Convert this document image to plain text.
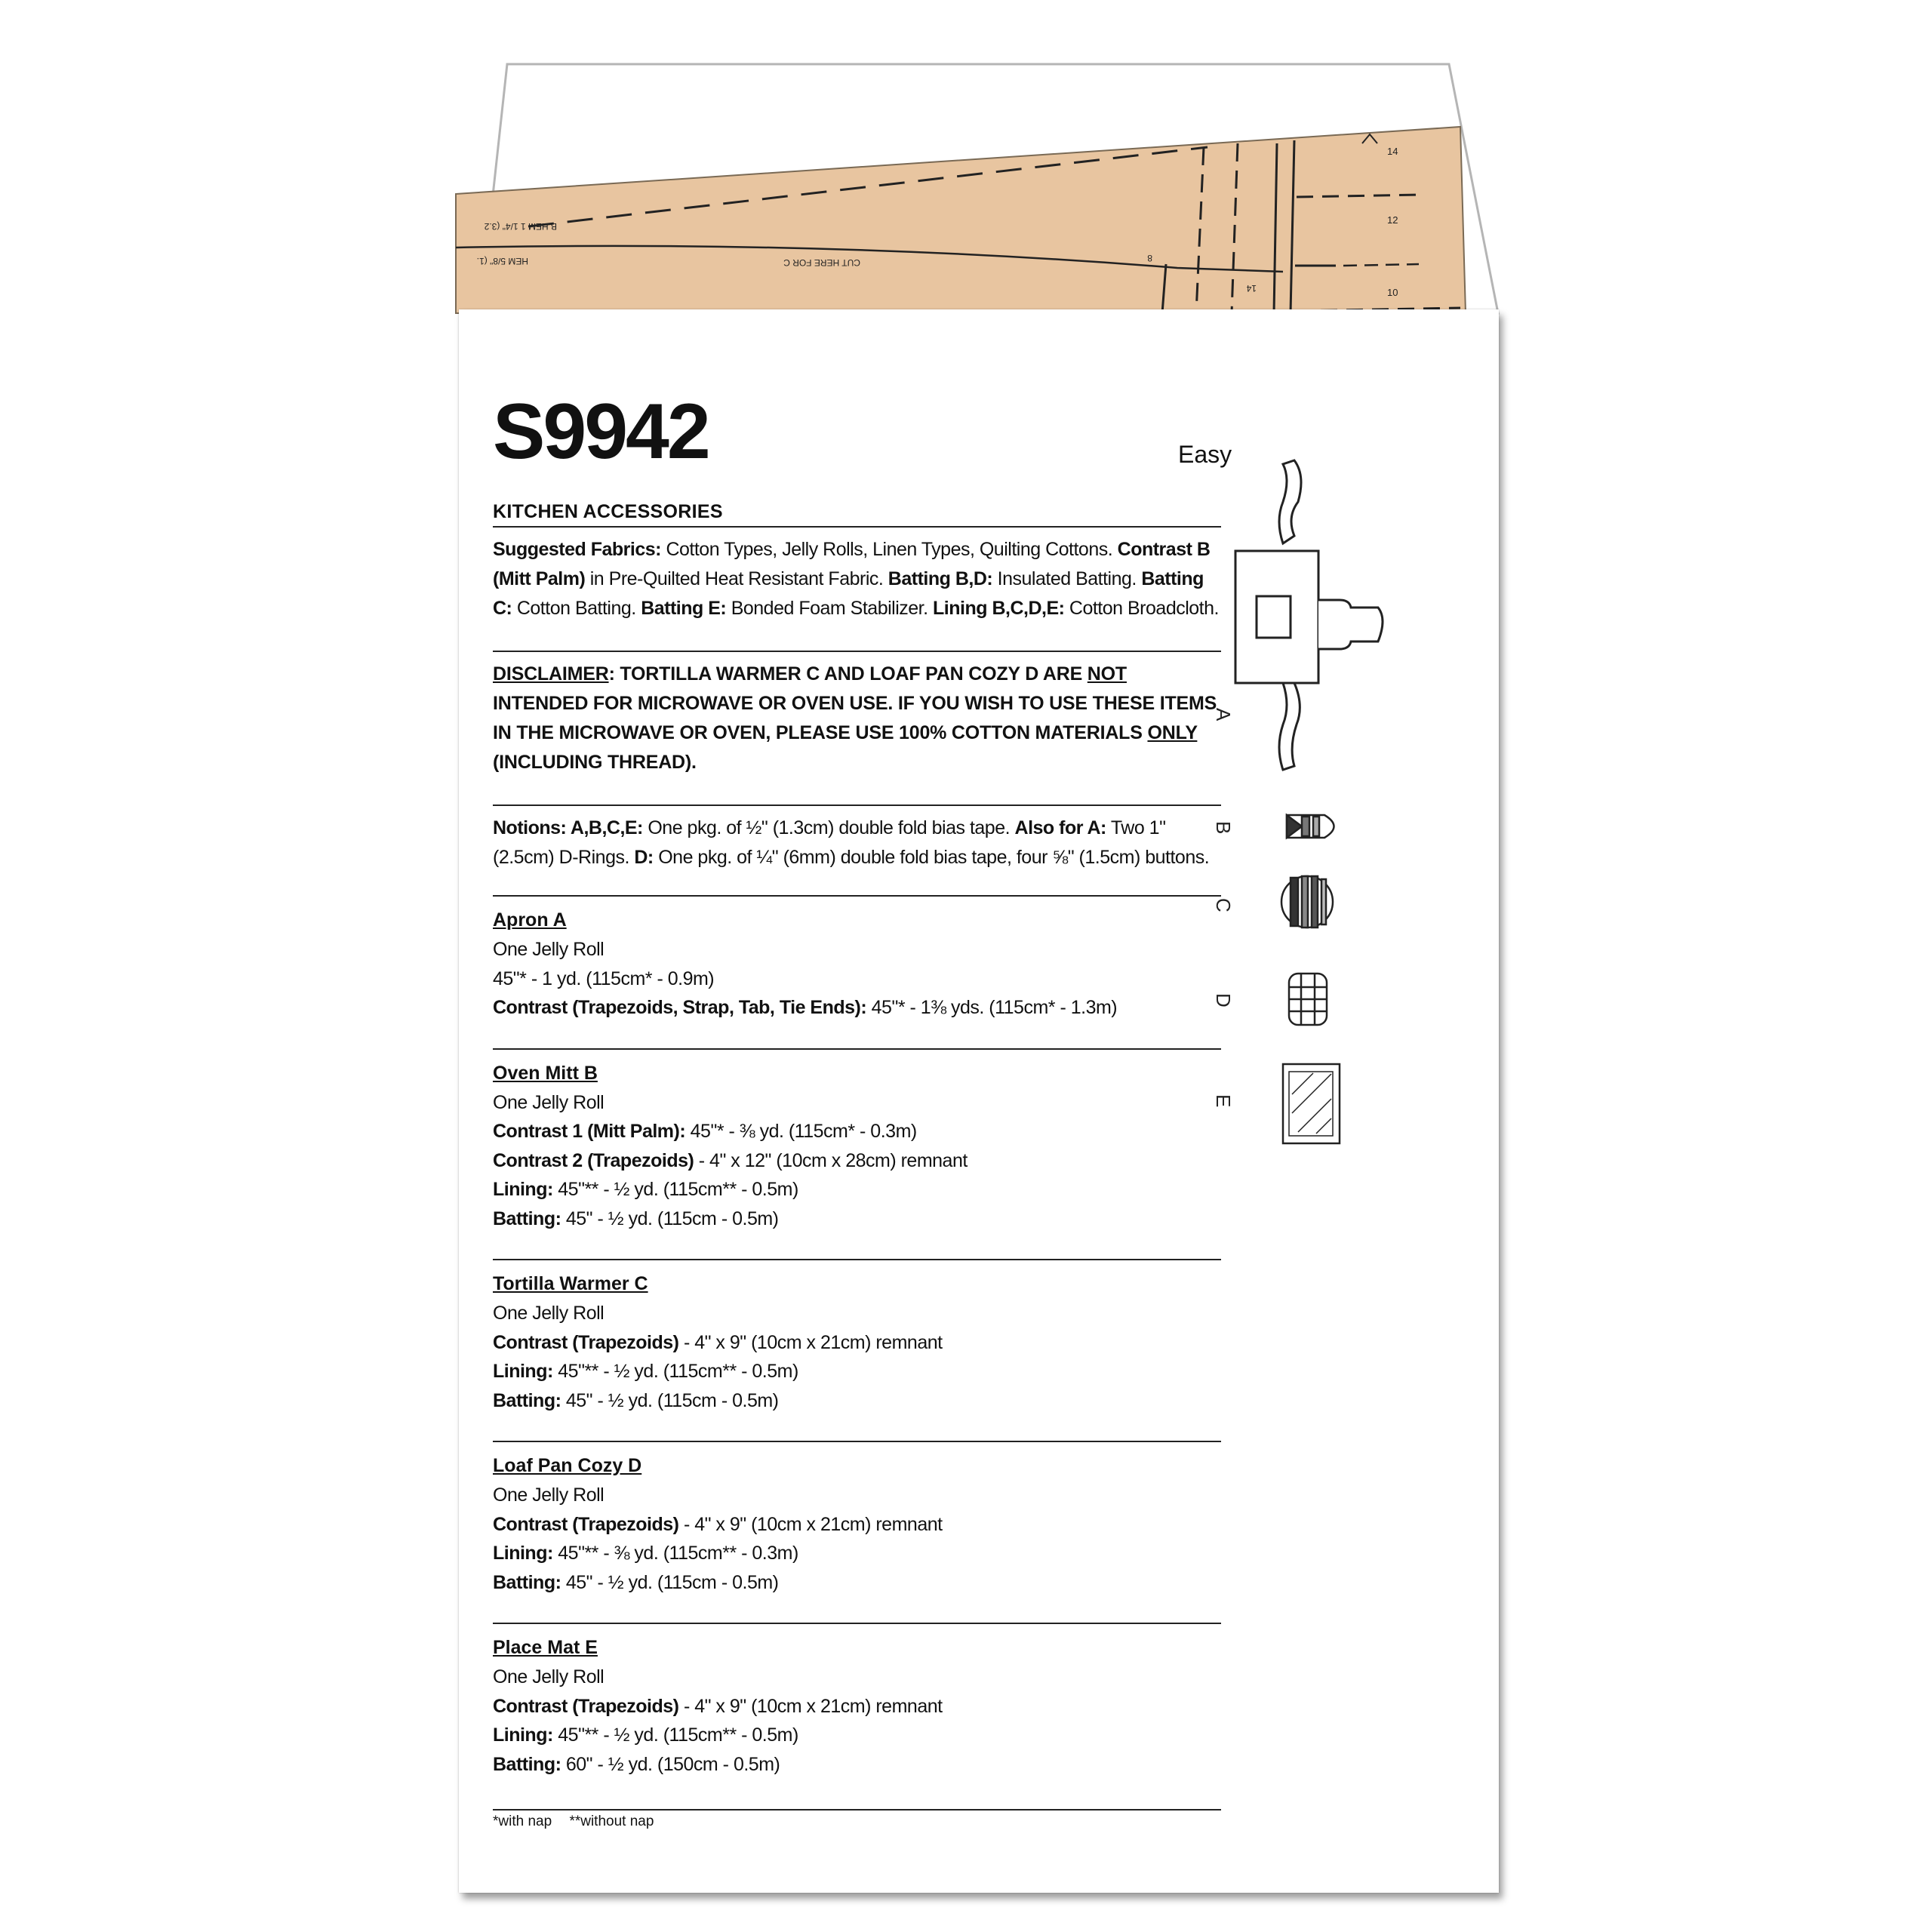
B HEM 1 1/4" (3.2
HEM 5/8" (1.	CUT HERE FOR C	8
14
14
12
10
S9942	Easy
KITCHEN ACCESSORIES

Suggested Fabrics: Cotton Types, Jelly Rolls, Linen Types, Quilting Cottons. Contrast B (Mitt Palm) in Pre-Quilted Heat Resistant Fabric. Batting B,D: Insulated Batting. Batting C: Cotton Batting. Batting E: Bonded Foam Stabilizer. Lining B,C,D,E: Cotton Broadcloth.

DISCLAIMER: TORTILLA WARMER C AND LOAF PAN COZY D ARE NOT INTENDED FOR MICROWAVE OR OVEN USE. IF YOU WISH TO USE THESE ITEMS IN THE MICROWAVE OR OVEN, PLEASE USE 100% COTTON MATERIALS ONLY (INCLUDING THREAD).

Notions: A,B,C,E: One pkg. of ½" (1.3cm) double fold bias tape. Also for A: Two 1" (2.5cm) D-Rings. D: One pkg. of ¼" (6mm) double fold bias tape, four ⅝" (1.5cm) buttons.

Apron A
One Jelly Roll
45"* - 1 yd. (115cm* - 0.9m)
Contrast (Trapezoids, Strap, Tab, Tie Ends): 45"* - 1⅜ yds. (115cm* - 1.3m)
Oven Mitt B
One Jelly Roll
Contrast 1 (Mitt Palm): 45"* - ⅜ yd. (115cm* - 0.3m)
Contrast 2 (Trapezoids) - 4" x 12" (10cm x 28cm) remnant
Lining: 45"** - ½ yd. (115cm** - 0.5m)
Batting: 45" - ½ yd. (115cm - 0.5m)
Tortilla Warmer C
One Jelly Roll
Contrast (Trapezoids) - 4" x 9" (10cm x 21cm) remnant
Lining: 45"** - ½ yd. (115cm** - 0.5m)
Batting: 45" - ½ yd. (115cm - 0.5m)
Loaf Pan Cozy D
One Jelly Roll
Contrast (Trapezoids) - 4" x 9" (10cm x 21cm) remnant
Lining: 45"** - ⅜ yd. (115cm** - 0.3m)
Batting: 45" - ½ yd. (115cm - 0.5m)
Place Mat E
One Jelly Roll
Contrast (Trapezoids) - 4" x 9" (10cm x 21cm) remnant
Lining: 45"** - ½ yd. (115cm** - 0.5m)
Batting: 60" - ½ yd. (150cm - 0.5m)
*with nap **without nap
A
B
C
D
E
